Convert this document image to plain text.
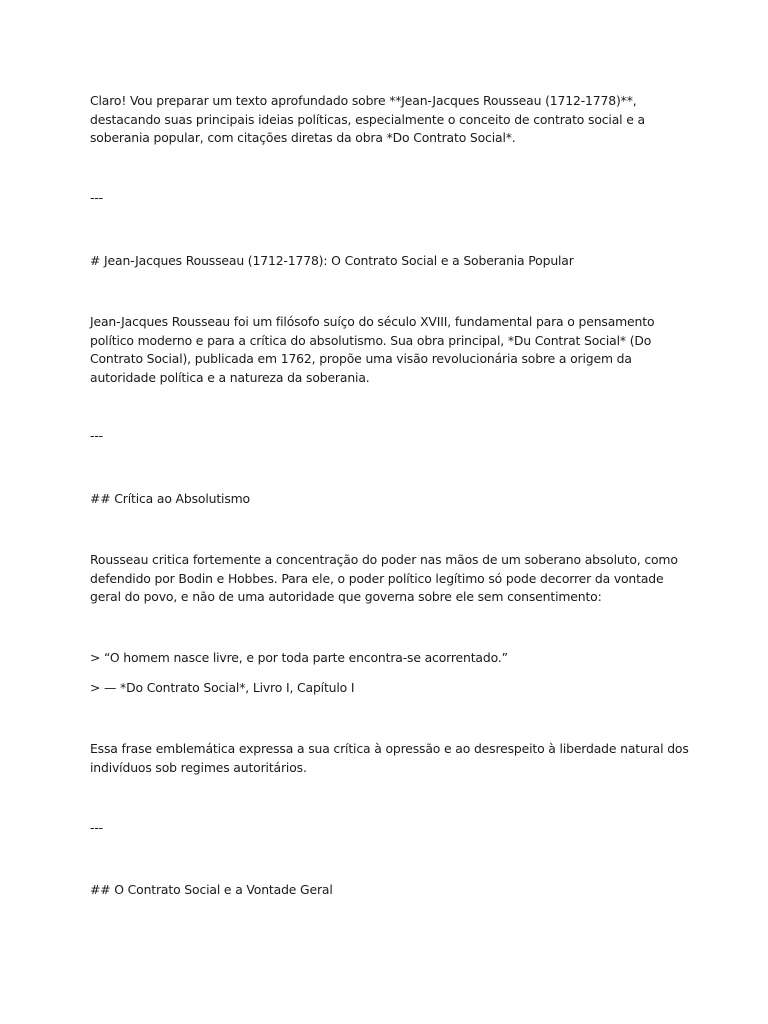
Claro! Vou preparar um texto aprofundado sobre **Jean-Jacques Rousseau (1712-1778)**, destacando suas principais ideias políticas, especialmente o conceito de contrato social e a soberania popular, com citações diretas da obra *Do Contrato Social*.

---

# Jean-Jacques Rousseau (1712-1778): O Contrato Social e a Soberania Popular

Jean-Jacques Rousseau foi um filósofo suíço do século XVIII, fundamental para o pensamento político moderno e para a crítica do absolutismo. Sua obra principal, *Du Contrat Social* (Do Contrato Social), publicada em 1762, propõe uma visão revolucionária sobre a origem da autoridade política e a natureza da soberania.

---

## Crítica ao Absolutismo

Rousseau critica fortemente a concentração do poder nas mãos de um soberano absoluto, como defendido por Bodin e Hobbes. Para ele, o poder político legítimo só pode decorrer da vontade geral do povo, e não de uma autoridade que governa sobre ele sem consentimento:

> “O homem nasce livre, e por toda parte encontra-se acorrentado.”

> — *Do Contrato Social*, Livro I, Capítulo I

Essa frase emblemática expressa a sua crítica à opressão e ao desrespeito à liberdade natural dos indivíduos sob regimes autoritários.

---

## O Contrato Social e a Vontade Geral
